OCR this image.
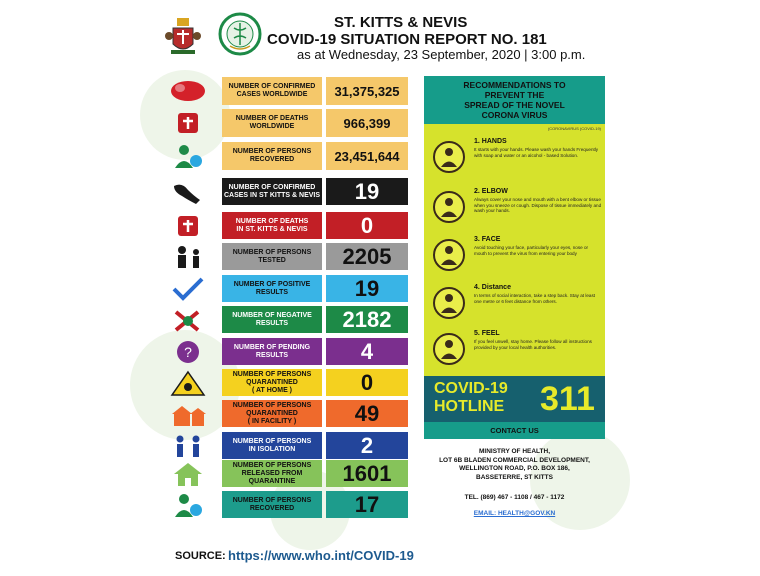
ST. KITTS & NEVIS
COVID-19 SITUATION REPORT NO. 181
as at Wednesday, 23 September, 2020 | 3:00 p.m.
NUMBER OF CONFIRMED
CASES WORLDWIDE	31,375,325
NUMBER OF DEATHS
WORLDWIDE	966,399
NUMBER OF PERSONS
RECOVERED	23,451,644
NUMBER OF CONFIRMED
CASES IN ST KITTS & NEVIS	19
NUMBER OF DEATHS
IN ST. KITTS & NEVIS	0
NUMBER OF PERSONS
TESTED	2205
NUMBER OF POSITIVE
RESULTS	19
NUMBER OF NEGATIVE
RESULTS	2182
?	NUMBER OF PENDING
RESULTS	4
NUMBER OF PERSONS
QUARANTINED
( AT HOME )	0
NUMBER OF PERSONS
QUARANTINED
( IN FACILITY )	49
NUMBER OF PERSONS
IN ISOLATION	2
NUMBER OF PERSONS
RELEASED FROM
QUARANTINE	1601
NUMBER OF PERSONS
RECOVERED	17
RECOMMENDATIONS TO
PREVENT THE
SPREAD OF THE NOVEL
CORONA VIRUS
(CORONAVIRUS (COVID-19)
1. HANDS
It starts with your hands. Please wash your hands Frequently with soap and water or an alcohol - based Solution.
2. ELBOW
Always cover your nose and mouth with a bent elbow or tissue when you sneeze or cough. Dispose of tissue immediately and wash your hands.
3. FACE
Avoid touching your face, particularly your eyes, nose or mouth to prevent the virus from entering your body
4. Distance
In terms of social interaction, take a step back. Stay at least one metre or 6 feet distance from others.
5. FEEL
If you feel unwell, stay home. Please follow all instructions provided by your local health authorities.
COVID-19
HOTLINE 311
CONTACT US
MINISTRY OF HEALTH,
LOT 6B BLADEN COMMERCIAL DEVELOPMENT,
WELLINGTON ROAD, P.O. BOX 186,
BASSETERRE, ST KITTS
TEL. (869) 467 - 1108 / 467 - 1172
EMAIL: HEALTH@GOV.KN
SOURCE: https://www.who.int/COVID-19
